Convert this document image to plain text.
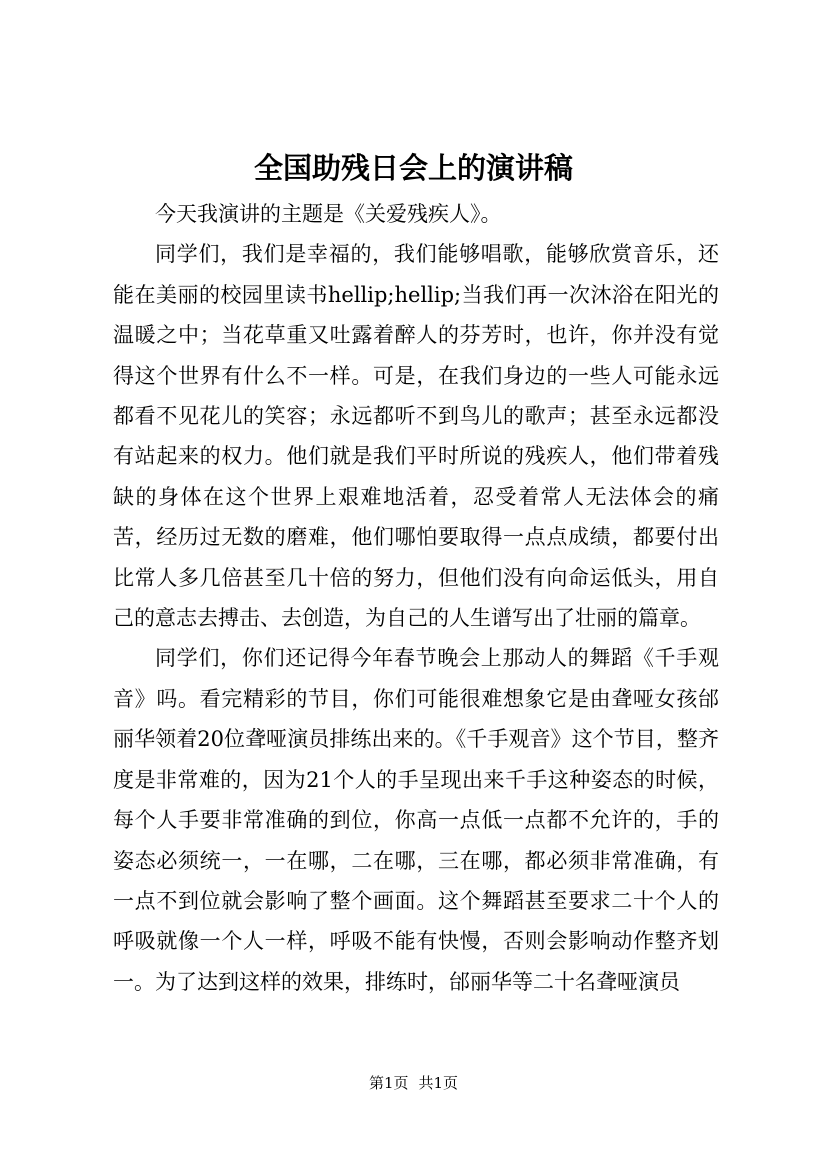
全国助残日会上的演讲稿

今天我演讲的主题是《关爱残疾人》。

同学们，我们是幸福的，我们能够唱歌，能够欣赏音乐，还能在美丽的校园里读书hellip;hellip;当我们再一次沐浴在阳光的温暖之中；当花草重又吐露着醉人的芬芳时，也许，你并没有觉得这个世界有什么不一样。可是，在我们身边的一些人可能永远都看不见花儿的笑容；永远都听不到鸟儿的歌声；甚至永远都没有站起来的权力。他们就是我们平时所说的残疾人，他们带着残缺的身体在这个世界上艰难地活着，忍受着常人无法体会的痛苦，经历过无数的磨难，他们哪怕要取得一点点成绩，都要付出比常人多几倍甚至几十倍的努力，但他们没有向命运低头，用自己的意志去搏击、去创造，为自己的人生谱写出了壮丽的篇章。

同学们，你们还记得今年春节晚会上那动人的舞蹈《千手观音》吗。看完精彩的节目，你们可能很难想象它是由聋哑女孩邰丽华领着20位聋哑演员排练出来的。《千手观音》这个节目，整齐度是非常难的，因为21个人的手呈现出来千手这种姿态的时候，每个人手要非常准确的到位，你高一点低一点都不允许的，手的姿态必须统一，一在哪，二在哪，三在哪，都必须非常准确，有一点不到位就会影响了整个画面。这个舞蹈甚至要求二十个人的呼吸就像一个人一样，呼吸不能有快慢，否则会影响动作整齐划一。为了达到这样的效果，排练时，邰丽华等二十名聋哑演员

第1页 共1页
